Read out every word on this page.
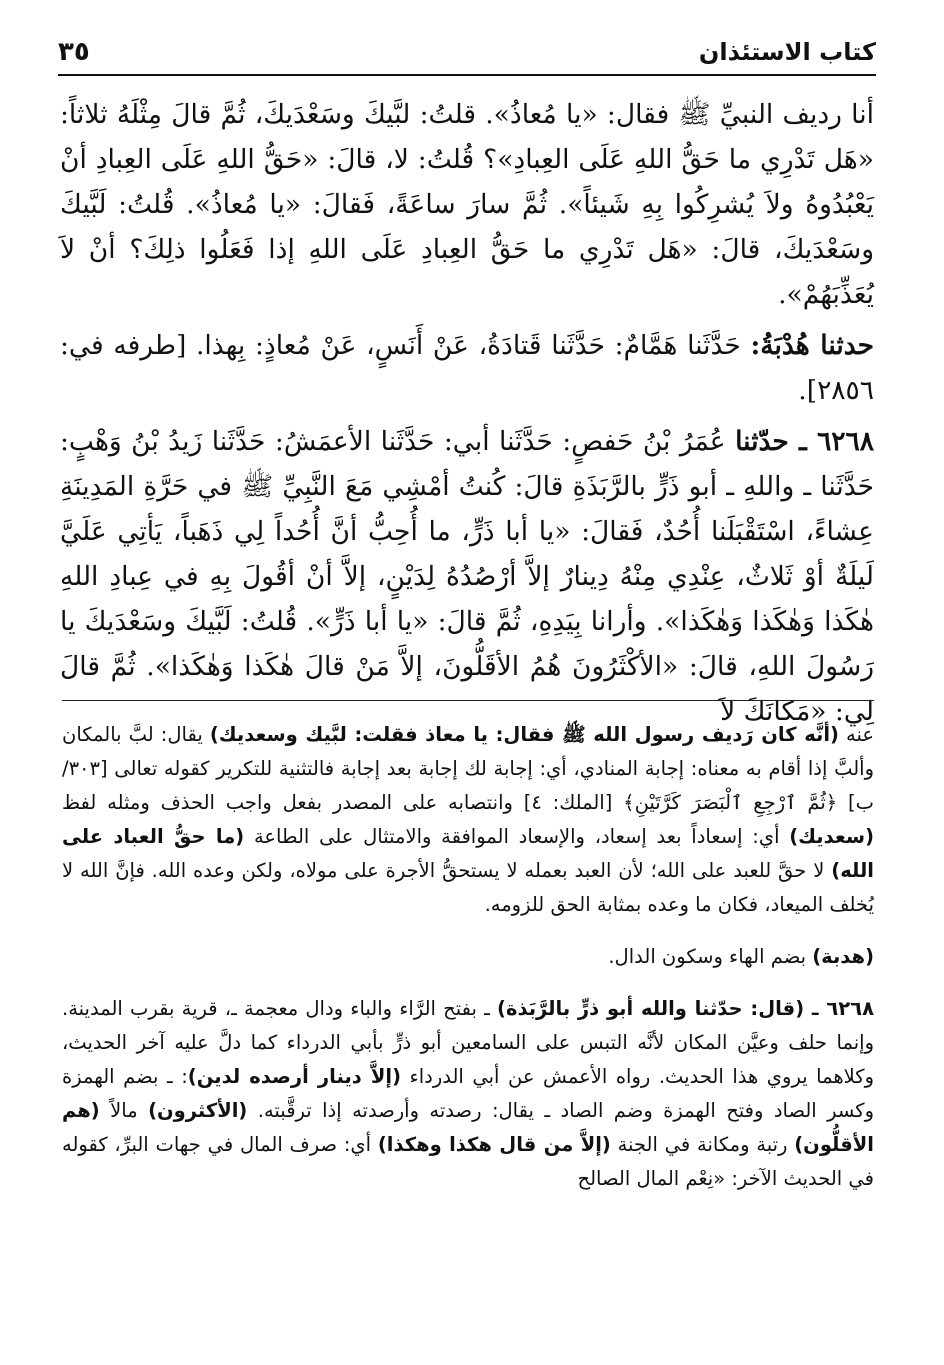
٣٥	كتاب الاستئذان

أنا رديف النبيِّ ﷺ فقال: «يا مُعاذُ». قلتُ: لبَّيكَ وسَعْدَيكَ، ثُمَّ قالَ مِثْلَهُ ثلاثاً: «هَل تَدْرِي ما حَقُّ اللهِ عَلَى العِبادِ»؟ قُلتُ: لا، قالَ: «حَقُّ اللهِ عَلَى العِبادِ أنْ يَعْبُدُوهُ ولاَ يُشرِكُوا بِهِ شَيئاً». ثُمَّ سارَ ساعَةً، فَقالَ: «يا مُعاذُ». قُلتُ: لَبَّيكَ وسَعْدَيكَ، قالَ: «هَل تَدْرِي ما حَقُّ العِبادِ عَلَى اللهِ إذا فَعَلُوا ذلِكَ؟ أنْ لاَ يُعَذِّبَهُمْ».

حدثنا هُدْبَةُ: حَدَّثَنا هَمَّامٌ: حَدَّثَنا قَتادَةُ، عَنْ أَنَسٍ، عَنْ مُعاذٍ: بِهذا. [طرفه في: ٢٨٥٦].

٦٢٦٨ ـ حدّثنا عُمَرُ بْنُ حَفصٍ: حَدَّثَنا أبي: حَدَّثَنا الأعمَشُ: حَدَّثَنا زَيدُ بْنُ وَهْبٍ: حَدَّثَنا ـ واللهِ ـ أبو ذَرٍّ بالرَّبَذَةِ قالَ: كُنتُ أمْشِي مَعَ النَّبِيِّ ﷺ في حَرَّةِ المَدِينَةِ عِشاءً، اسْتَقْبَلَنا أُحُدٌ، فَقالَ: «يا أبا ذَرٍّ، ما أُحِبُّ أنَّ أُحُداً لِي ذَهَباً، يَأتِي عَلَيَّ لَيلَةٌ أوْ ثَلاثٌ، عِنْدِي مِنْهُ دِينارٌ إلاَّ أرْصُدُهُ لِدَيْنٍ، إلاَّ أنْ أقُولَ بِهِ في عِبادِ اللهِ هٰكَذا وَهٰكَذا وَهٰكَذا». وأرانا بِيَدِهِ، ثُمَّ قالَ: «يا أبا ذَرٍّ». قُلتُ: لَبَّيكَ وسَعْدَيكَ يا رَسُولَ اللهِ، قالَ: «الأكْثَرُونَ هُمُ الأقَلُّونَ، إلاَّ مَنْ قالَ هٰكَذا وَهٰكَذا». ثُمَّ قالَ لِي: «مَكانَكَ لاَ

عنه (أنَّه كان رَديف رسول الله ﷺ فقال: يا معاذ فقلت: لبَّيك وسعديك) يقال: لبَّ بالمكان وألبَّ إذا أقام به معناه: إجابة المنادي، أي: إجابة لك إجابة بعد إجابة فالتثنية للتكرير كقوله تعالى [٣٠٣/ب] ﴿ثُمَّ ٱرْجِعِ ٱلْبَصَرَ كَرَّتَيْنِ﴾ [الملك: ٤] وانتصابه على المصدر بفعل واجب الحذف ومثله لفظ (سعديك) أي: إسعاداً بعد إسعاد، والإسعاد الموافقة والامتثال على الطاعة (ما حقُّ العباد على الله) لا حقَّ للعبد على الله؛ لأن العبد بعمله لا يستحقُّ الأجرة على مولاه، ولكن وعده الله. فإنَّ الله لا يُخلف الميعاد، فكان ما وعده بمثابة الحق للزومه.

(هدبة) بضم الهاء وسكون الدال.

٦٢٦٨ ـ (قال: حدّثنا والله أبو ذرٍّ بالرَّبَذة) ـ بفتح الرَّاء والباء ودال معجمة ـ، قرية بقرب المدينة. وإنما حلف وعيَّن المكان لأنَّه التبس على السامعين أبو ذرٍّ بأبي الدرداء كما دلَّ عليه آخر الحديث، وكلاهما يروي هذا الحديث. رواه الأعمش عن أبي الدرداء (إلاَّ دينار أرصده لدين): ـ بضم الهمزة وكسر الصاد وفتح الهمزة وضم الصاد ـ يقال: رصدته وأرصدته إذا ترقَّبته. (الأكثرون) مالاً (هم الأقلُّون) رتبة ومكانة في الجنة (إلاَّ من قال هكذا وهكذا) أي: صرف المال في جهات البرِّ، كقوله في الحديث الآخر: «نِعْم المال الصالح
